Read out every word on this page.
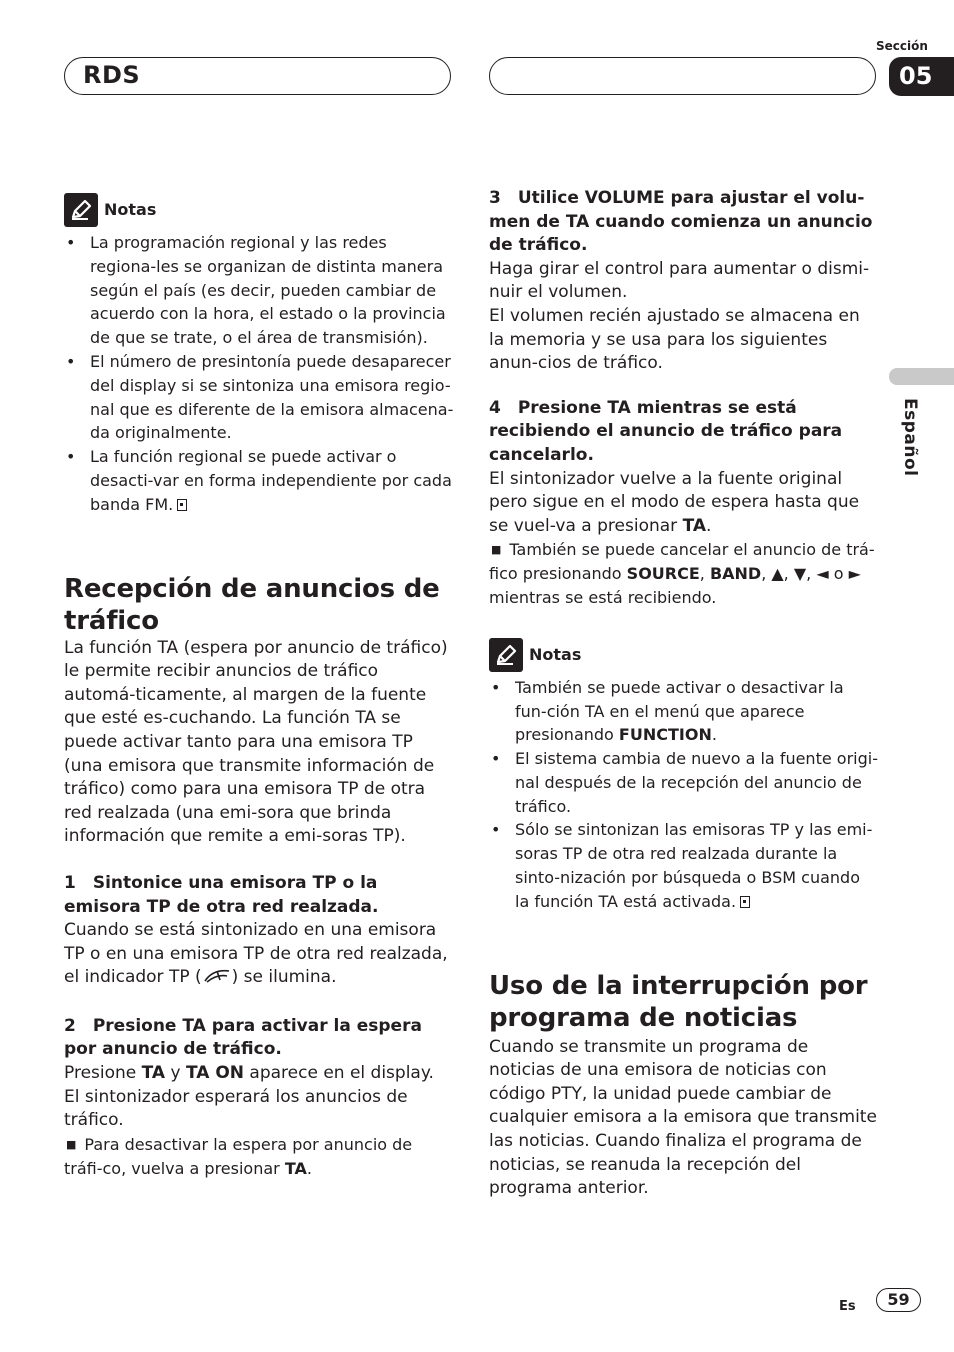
RDS
Sección
05
Español
Notas
• La programación regional y las redes regiona-les se organizan de distinta manera según el país (es decir, pueden cambiar de acuerdo con la hora, el estado o la provincia de que se trate, o el área de transmisión).
• El número de presintonía puede desaparecer del display si se sintoniza una emisora regio-nal que es diferente de la emisora almacena-da originalmente.
• La función regional se puede activar o desacti-var en forma independiente por cada banda FM.
Recepción de anuncios de tráfico

La función TA (espera por anuncio de tráfico) le permite recibir anuncios de tráfico automá-ticamente, al margen de la fuente que esté es-cuchando. La función TA se puede activar tanto para una emisora TP (una emisora que transmite información de tráfico) como para una emisora TP de otra red realzada (una emi-sora que brinda información que remite a emi-soras TP).

1 Sintonice una emisora TP o la emisora TP de otra red realzada.

Cuando se está sintonizado en una emisora TP o en una emisora TP de otra red realzada, el indicador TP ( ) se ilumina.

2 Presione TA para activar la espera por anuncio de tráfico.

Presione TA y TA ON aparece en el display. El sintonizador esperará los anuncios de tráfico.

■ Para desactivar la espera por anuncio de tráfi-co, vuelva a presionar TA.

3 Utilice VOLUME para ajustar el volu-men de TA cuando comienza un anuncio de tráfico.

Haga girar el control para aumentar o dismi-nuir el volumen.

El volumen recién ajustado se almacena en la memoria y se usa para los siguientes anun-cios de tráfico.

4 Presione TA mientras se está recibiendo el anuncio de tráfico para cancelarlo.

El sintonizador vuelve a la fuente original pero sigue en el modo de espera hasta que se vuel-va a presionar TA.

■ También se puede cancelar el anuncio de trá-fico presionando SOURCE, BAND, ▲, ▼, ◄ o ► mientras se está recibiendo.

Notas
• También se puede activar o desactivar la fun-ción TA en el menú que aparece presionando FUNCTION.
• El sistema cambia de nuevo a la fuente origi-nal después de la recepción del anuncio de tráfico.
• Sólo se sintonizan las emisoras TP y las emi-soras TP de otra red realzada durante la sinto-nización por búsqueda o BSM cuando la función TA está activada.
Uso de la interrupción por programa de noticias

Cuando se transmite un programa de noticias de una emisora de noticias con código PTY, la unidad puede cambiar de cualquier emisora a la emisora que transmite las noticias. Cuando finaliza el programa de noticias, se reanuda la recepción del programa anterior.

Es	59
